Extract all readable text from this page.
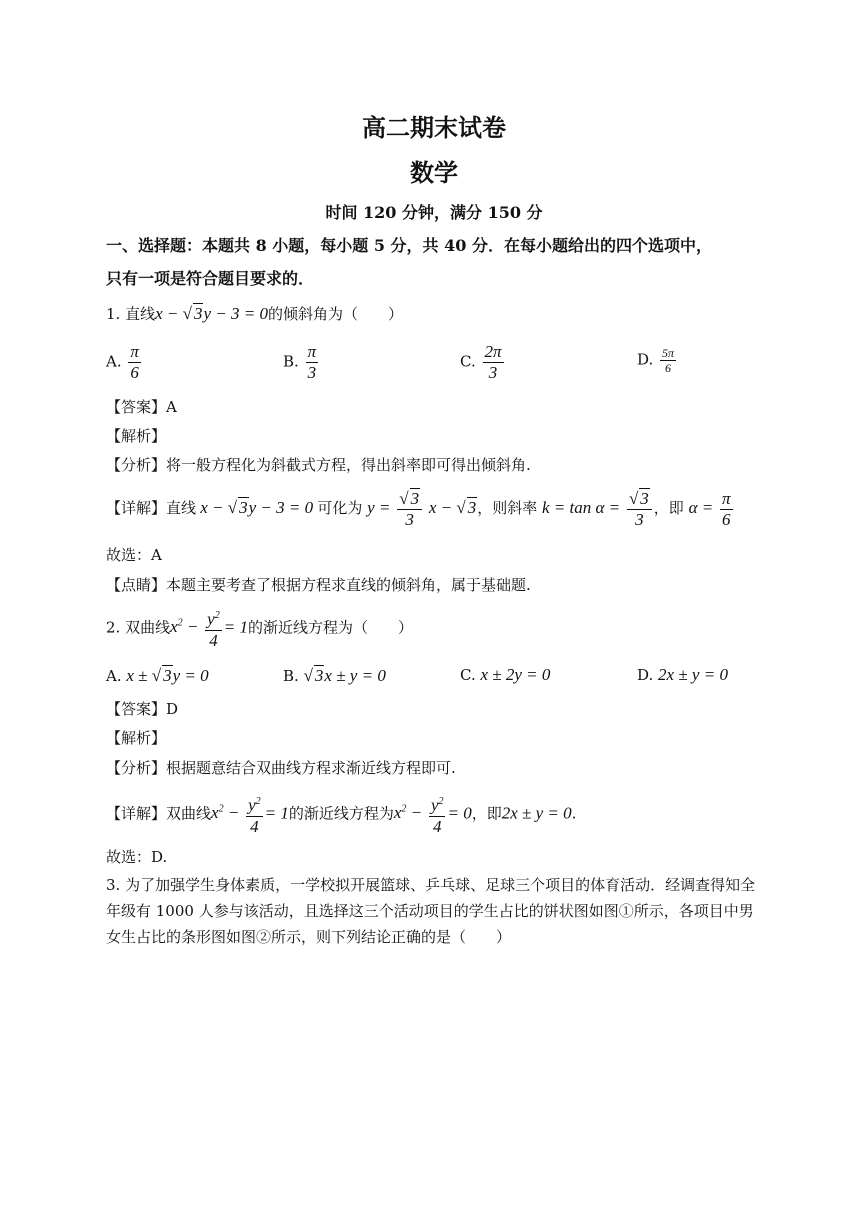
高二期末试卷
数学
时间 120 分钟，满分 150 分
一、选择题：本题共 8 小题，每小题 5 分，共 40 分．在每小题给出的四个选项中，
只有一项是符合题目要求的．
1. 直线x − √ 3y − 3 = 0的倾斜角为（　　）
A. $\frac{\pi}{6}$	B. $\frac{\pi}{3}$	C. $\frac{2\pi}{3}$	D. $\frac{5\pi}{6}$
【答案】A
【解析】
【分析】将一般方程化为斜截式方程，得出斜率即可得出倾斜角.
【详解】直线 x − √ 3y − 3 = 0 可化为 $y = \frac{√ 3}{3}$ x − √ 3，则斜率 $k = \tan \alpha = \frac{√ 3}{3}$ ，即 $\alpha = \frac{\pi}{6}$
故选：A
【点睛】本题主要考查了根据方程求直线的倾斜角，属于基础题.
2. 双曲线$x^2 - \frac{y^2}{4} = 1$的渐近线方程为（　　）
A. x ± √ 3y = 0	B. √ 3x ± y = 0	C. x ± 2y = 0	D. 2x ± y = 0
【答案】D
【解析】
【分析】根据题意结合双曲线方程求渐近线方程即可.
【详解】双曲线$x^2 - \frac{y^2}{4} = 1$的渐近线方程为$x^2 - \frac{y^2}{4} = 0$，即2x ± y = 0.
故选：D.
3. 为了加强学生身体素质，一学校拟开展篮球、乒乓球、足球三个项目的体育活动．经调查得知全年级有 1000 人参与该活动，且选择这三个活动项目的学生占比的饼状图如图①所示，各项目中男女生占比的条形图如图②所示，则下列结论正确的是（　　）
